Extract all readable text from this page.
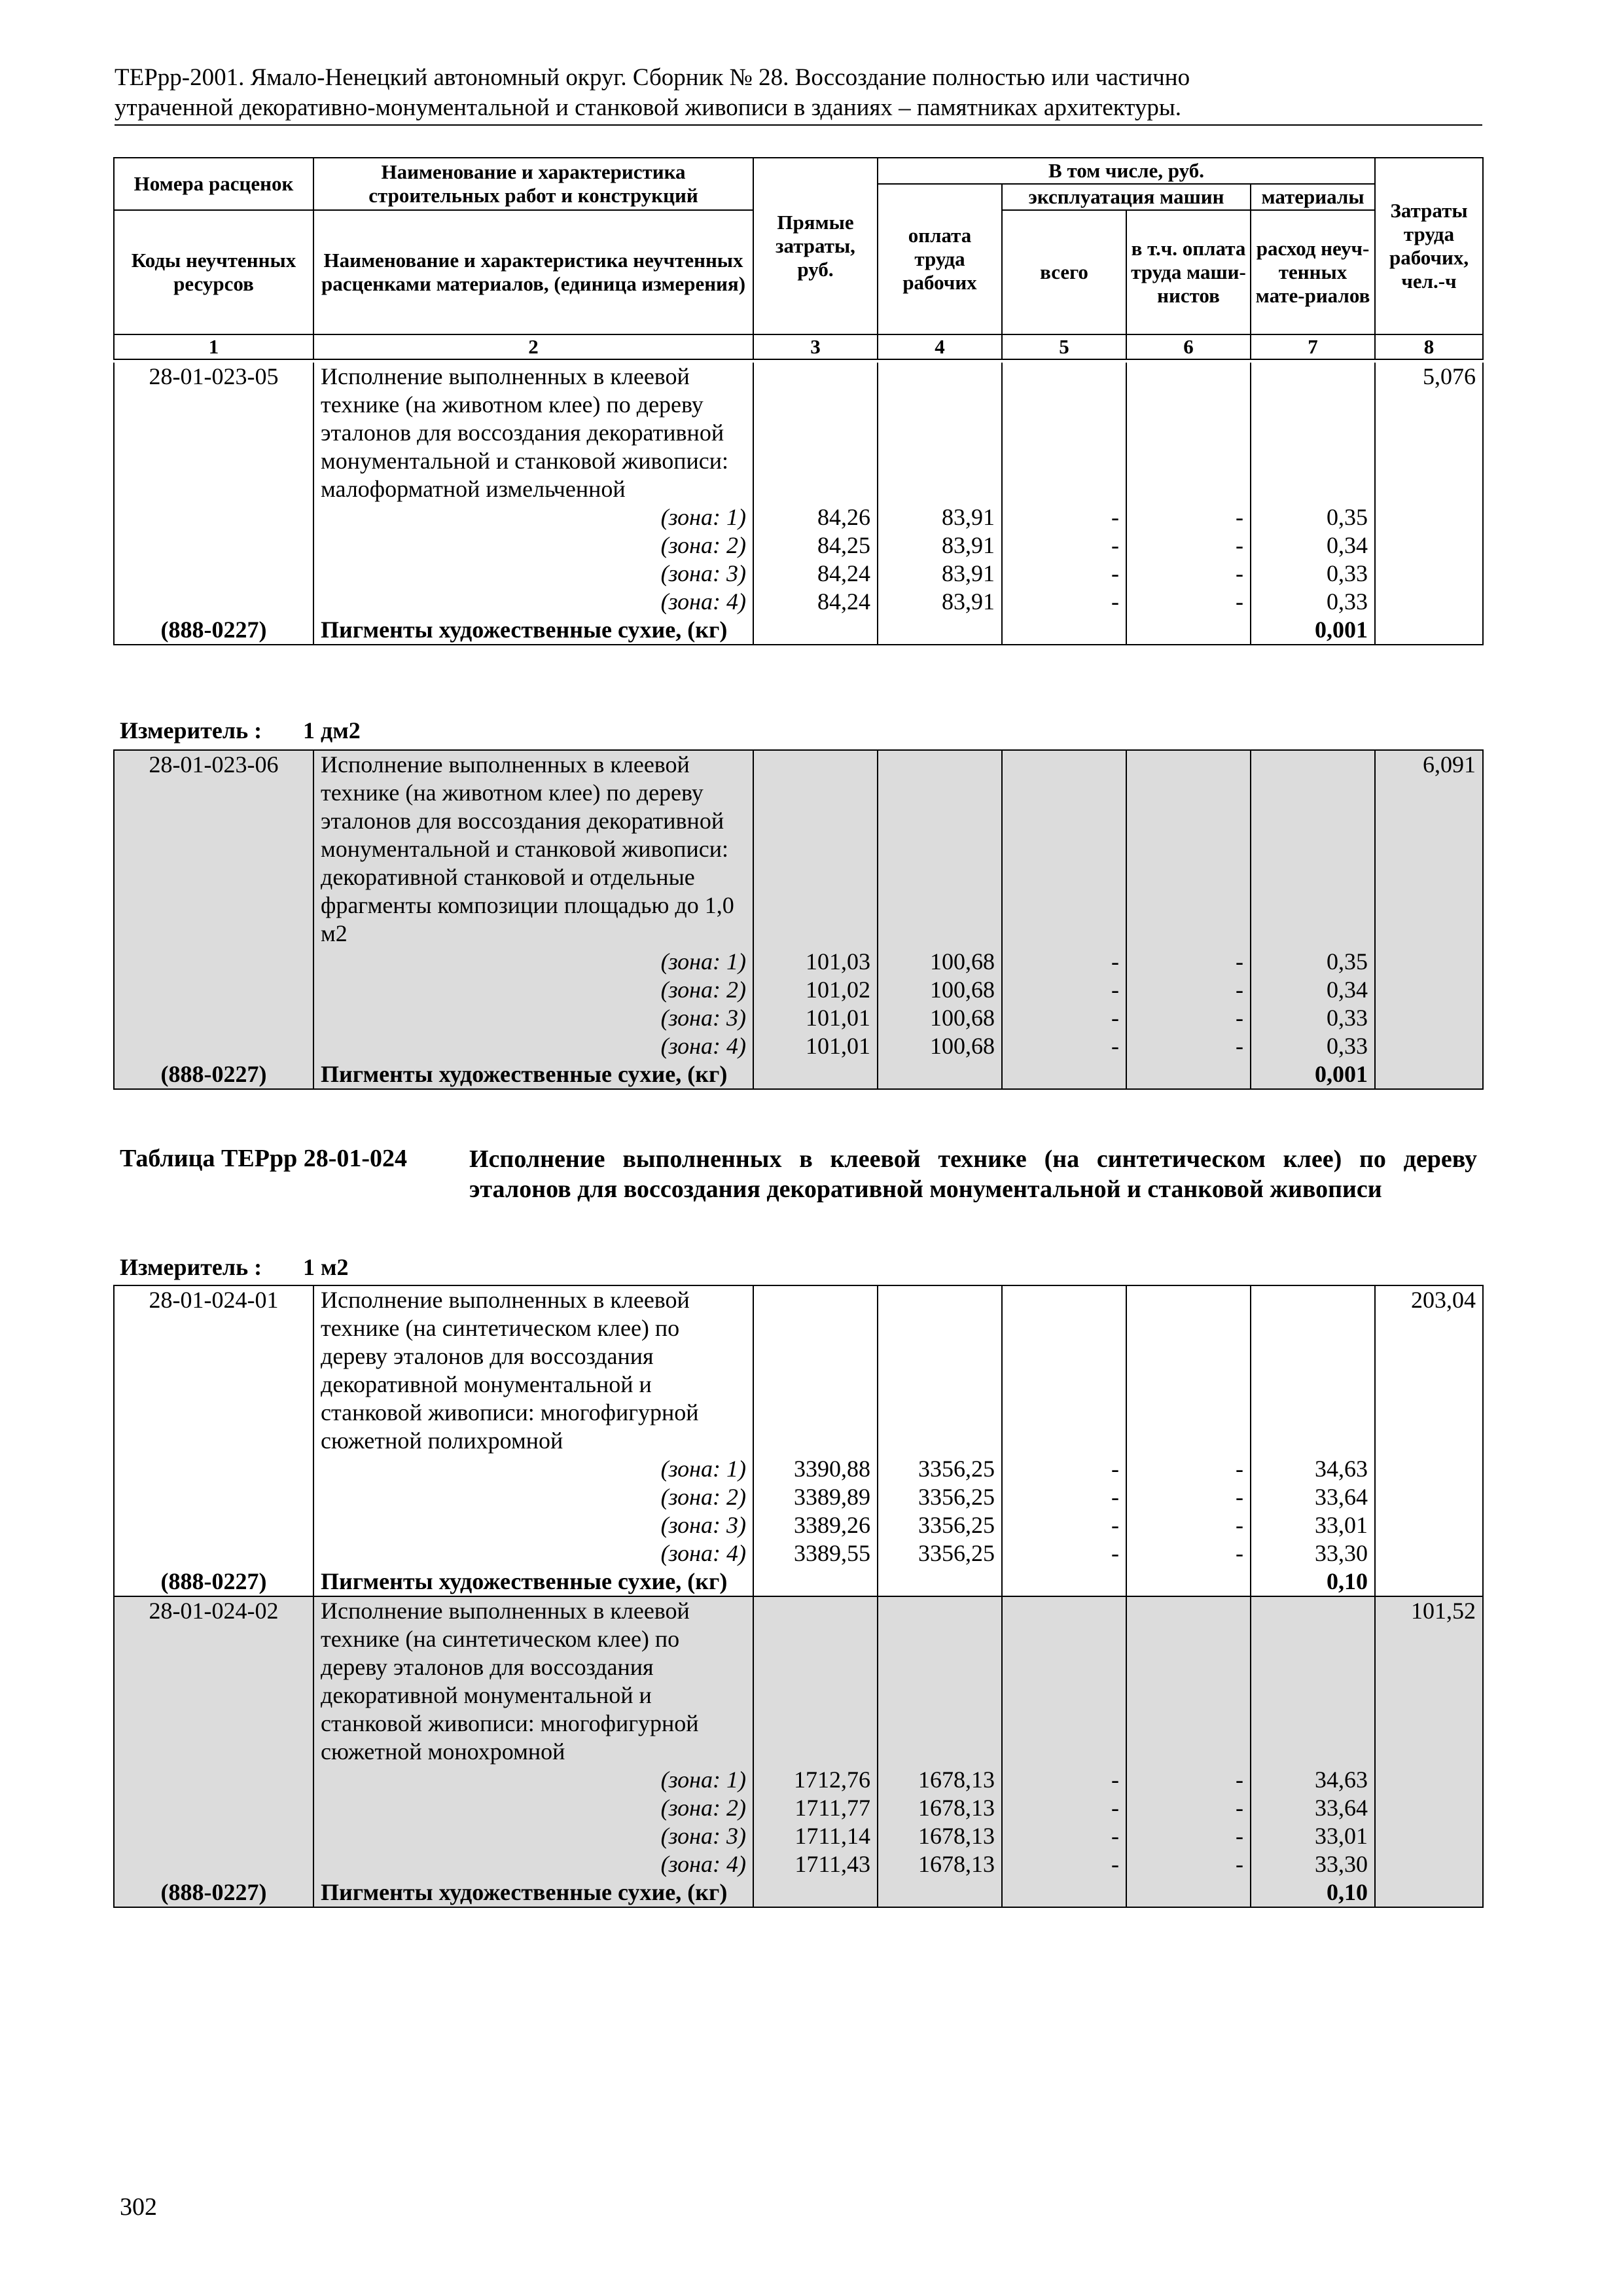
ТЕРрр-2001. Ямало-Ненецкий автономный округ. Сборник № 28. Воссоздание полностью или частично
утраченной декоративно-монументальной и станковой живописи в зданиях – памятниках архитектуры.
Номера расценок	Наименование и характеристика строительных работ и конструкций	Прямые затраты, руб.	В том числе, руб.				Затраты труда рабочих, чел.-ч
			оплата труда рабочих	эксплуатация машин		материалы	
Коды неучтенных ресурсов	Наименование и характеристика неучтенных расценками материалов, (единица измерения)			всего	в т.ч. оплата труда маши-нистов	расход неуч-тенных мате-риалов	

1	2	3	4	5	6	7	8
28-01-023-05	Исполнение выполненных в клеевой технике (на животном клее) по дереву эталонов для воссоздания декоративной монументальной и станковой живописи: малоформатной измельченной						5,076
	(зона: 1)	84,26	83,91	-	-	0,35	
	(зона: 2)	84,25	83,91	-	-	0,34	
	(зона: 3)	84,24	83,91	-	-	0,33	
	(зона: 4)	84,24	83,91	-	-	0,33	
(888-0227)	Пигменты художественные сухие, (кг)					0,001	
Измеритель : 1 дм2
28-01-023-06	Исполнение выполненных в клеевой технике (на животном клее) по дереву эталонов для воссоздания декоративной монументальной и станковой живописи: декоративной станковой и отдельные фрагменты композиции площадью до 1,0 м2						6,091
	(зона: 1)	101,03	100,68	-	-	0,35	
	(зона: 2)	101,02	100,68	-	-	0,34	
	(зона: 3)	101,01	100,68	-	-	0,33	
	(зона: 4)	101,01	100,68	-	-	0,33	
(888-0227)	Пигменты художественные сухие, (кг)					0,001	
Таблица ТЕРрр 28-01-024 Исполнение выполненных в клеевой технике (на синтетическом клее) по дереву эталонов для воссоздания декоративной монументальной и станковой живописи
Измеритель : 1 м2
28-01-024-01	Исполнение выполненных в клеевой технике (на синтетическом клее) по дереву эталонов для воссоздания декоративной монументальной и станковой живописи: многофигурной сюжетной полихромной						203,04
	(зона: 1)	3390,88	3356,25	-	-	34,63	
	(зона: 2)	3389,89	3356,25	-	-	33,64	
	(зона: 3)	3389,26	3356,25	-	-	33,01	
	(зона: 4)	3389,55	3356,25	-	-	33,30	
(888-0227)	Пигменты художественные сухие, (кг)					0,10	
28-01-024-02	Исполнение выполненных в клеевой технике (на синтетическом клее) по дереву эталонов для воссоздания декоративной монументальной и станковой живописи: многофигурной сюжетной монохромной						101,52
	(зона: 1)	1712,76	1678,13	-	-	34,63	
	(зона: 2)	1711,77	1678,13	-	-	33,64	
	(зона: 3)	1711,14	1678,13	-	-	33,01	
	(зона: 4)	1711,43	1678,13	-	-	33,30	
(888-0227)	Пигменты художественные сухие, (кг)					0,10	
302
